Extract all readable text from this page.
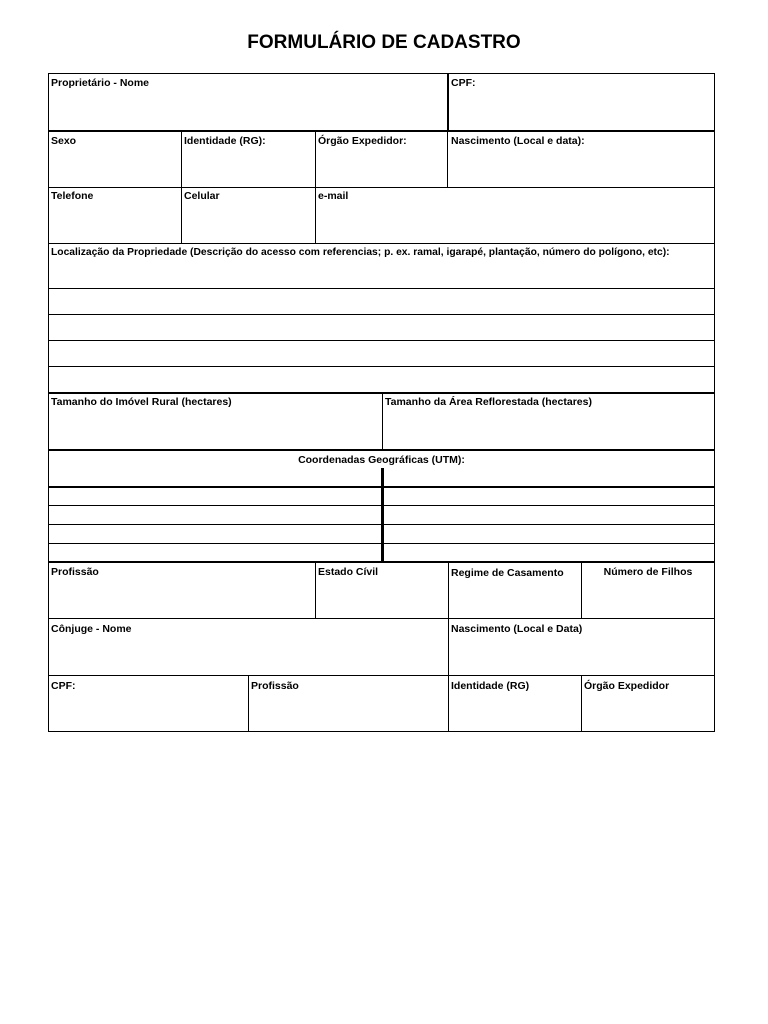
FORMULÁRIO DE CADASTRO
Proprietário - Nome	CPF:
Sexo	Identidade (RG):	Órgão Expedidor:	Nascimento (Local e data):
Telefone	Celular	e-mail
Localização da Propriedade (Descrição do acesso com referencias; p. ex. ramal, igarapé, plantação, número do polígono, etc):
Tamanho do Imóvel Rural (hectares)	Tamanho da Área Reflorestada (hectares)
Coordenadas Geográficas (UTM):
Profissão	Estado Cívil	Regime de Casamento	Número de Filhos
Cônjuge - Nome	Nascimento (Local e Data)
CPF:	Profissão	Identidade (RG)	Órgão Expedidor
